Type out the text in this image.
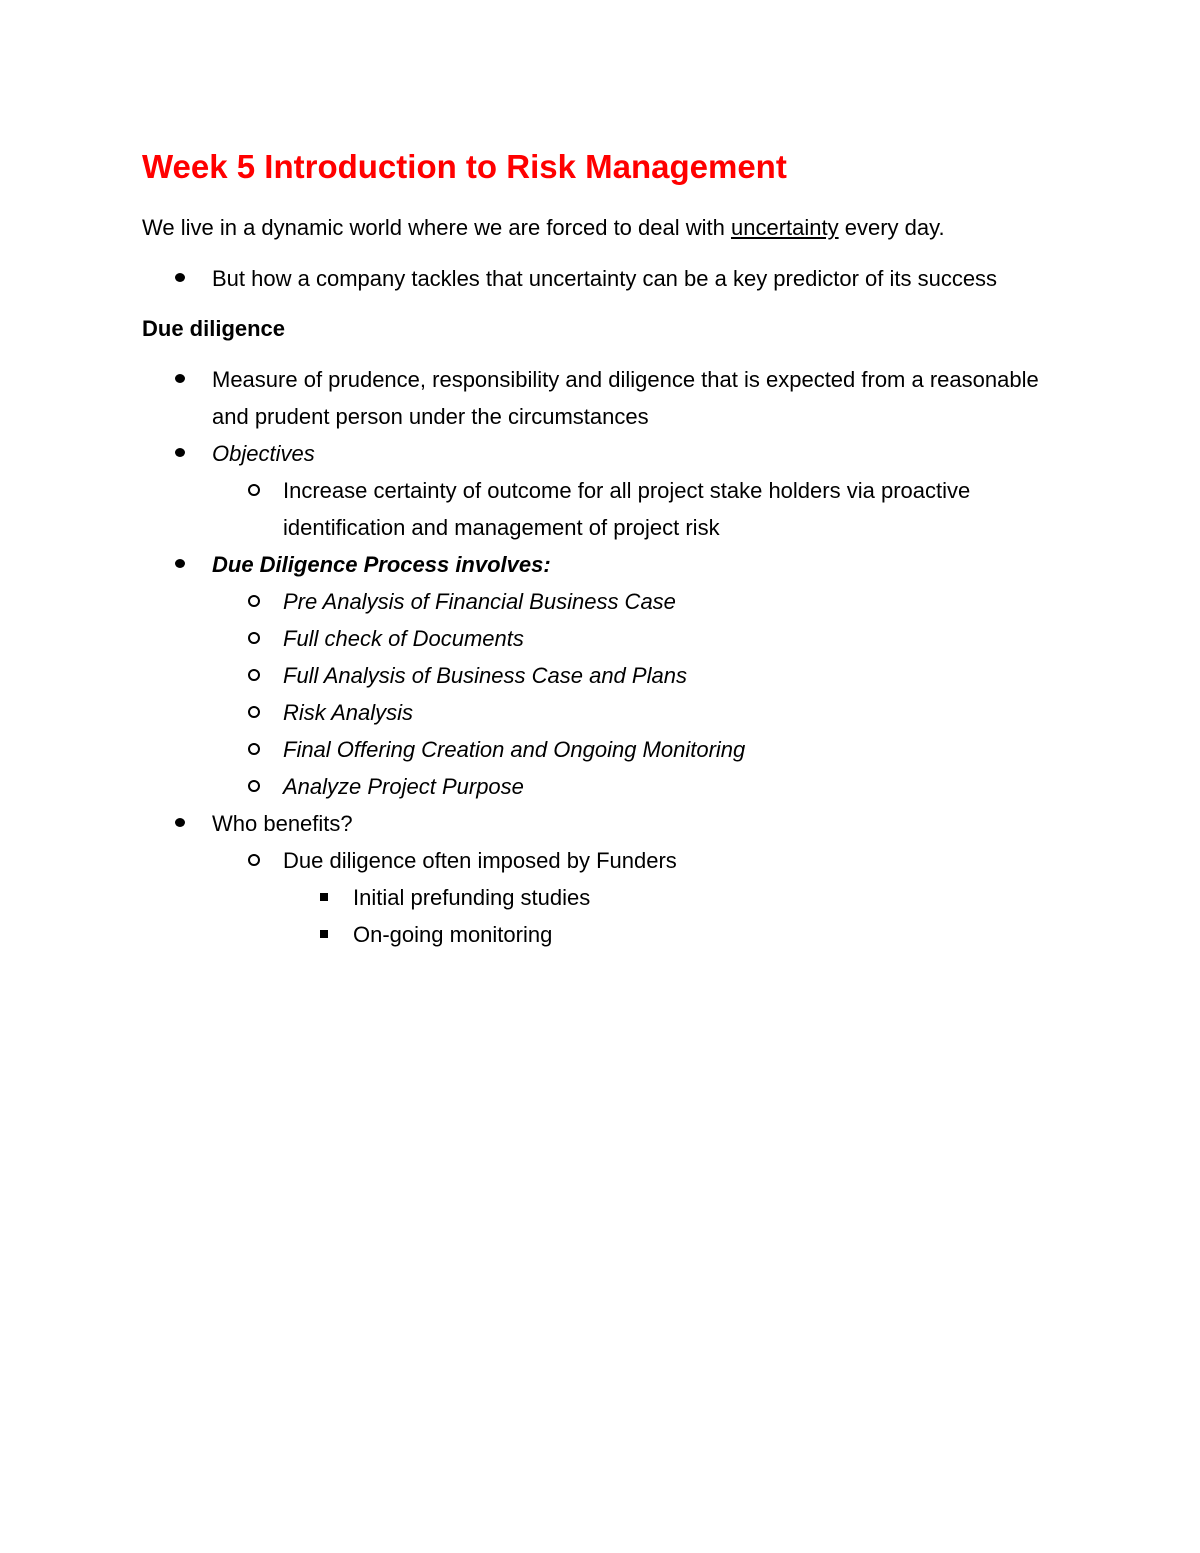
Week 5 Introduction to Risk Management

We live in a dynamic world where we are forced to deal with uncertainty every day.

But how a company tackles that uncertainty can be a key predictor of its success

Due diligence

Measure of prudence, responsibility and diligence that is expected from a reasonable and prudent person under the circumstances
Objectives
Increase certainty of outcome for all project stake holders via proactive identification and management of project risk
Due Diligence Process involves:
Pre Analysis of Financial Business Case
Full check of Documents
Full Analysis of Business Case and Plans
Risk Analysis
Final Offering Creation and Ongoing Monitoring
Analyze Project Purpose
Who benefits?
Due diligence often imposed by Funders
Initial prefunding studies
On-going monitoring
